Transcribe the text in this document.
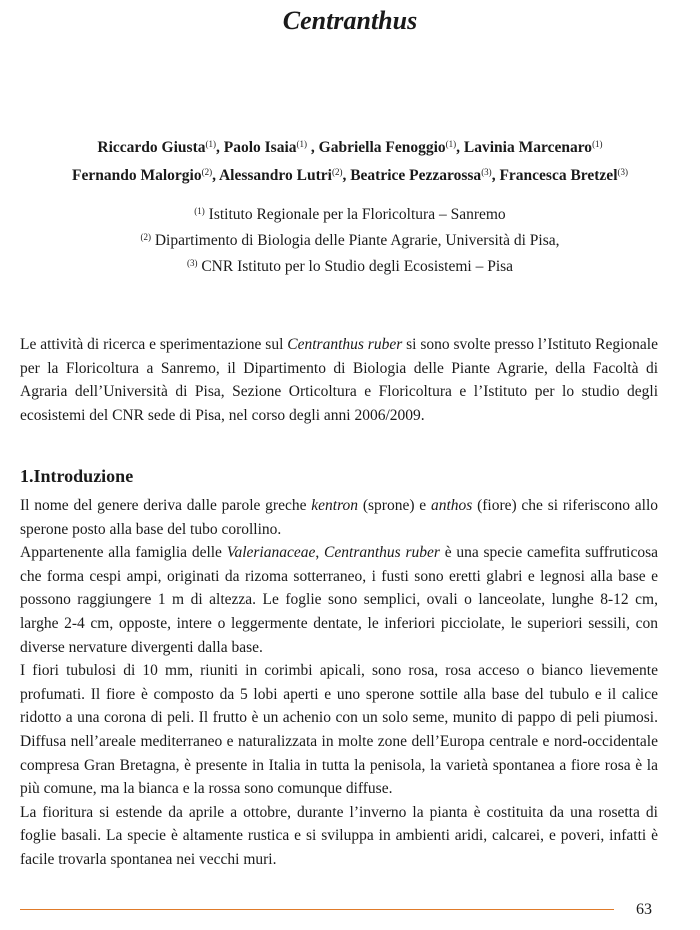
Centranthus
Riccardo Giusta$^{(1)}$, Paolo Isaia$^{(1)}$ , Gabriella Fenoggio$^{(1)}$, Lavinia Marcenaro$^{(1)}$
Fernando Malorgio$^{(2)}$, Alessandro Lutri$^{(2)}$, Beatrice Pezzarossa$^{(3)}$, Francesca Bretzel$^{(3)}$
$^{(1)}$ Istituto Regionale per la Floricoltura – Sanremo
$^{(2)}$ Dipartimento di Biologia delle Piante Agrarie, Università di Pisa,
$^{(3)}$ CNR Istituto per lo Studio degli Ecosistemi – Pisa
Le attività di ricerca e sperimentazione sul Centranthus ruber si sono svolte presso l’Istituto Regionale per la Floricoltura a Sanremo, il Dipartimento di Biologia delle Piante Agrarie, della Facoltà di Agraria dell’Università di Pisa, Sezione Orticoltura e Floricoltura e l’Istituto per lo studio degli ecosistemi del CNR sede di Pisa, nel corso degli anni 2006/2009.
1.Introduzione

Il nome del genere deriva dalle parole greche kentron (sprone) e anthos (fiore) che si riferiscono allo sperone posto alla base del tubo corollino.

Appartenente alla famiglia delle Valerianaceae, Centranthus ruber è una specie camefita suffruticosa che forma cespi ampi, originati da rizoma sotterraneo, i fusti sono eretti glabri e legnosi alla base e possono raggiungere 1 m di altezza. Le foglie sono semplici, ovali o lanceolate, lunghe 8-12 cm, larghe 2-4 cm, opposte, intere o leggermente dentate, le inferiori picciolate, le superiori sessili, con diverse nervature divergenti dalla base.

I fiori tubulosi di 10 mm, riuniti in corimbi apicali, sono rosa, rosa acceso o bianco lievemente profumati. Il fiore è composto da 5 lobi aperti e uno sperone sottile alla base del tubulo e il calice ridotto a una corona di peli. Il frutto è un achenio con un solo seme, munito di pappo di peli piumosi. Diffusa nell’areale mediterraneo e naturalizzata in molte zone dell’Europa centrale e nord-occidentale compresa Gran Bretagna, è presente in Italia in tutta la penisola, la varietà spontanea a fiore rosa è la più comune, ma la bianca e la rossa sono comunque diffuse.

La fioritura si estende da aprile a ottobre, durante l’inverno la pianta è costituita da una rosetta di foglie basali. La specie è altamente rustica e si sviluppa in ambienti aridi, calcarei, e poveri, infatti è facile trovarla spontanea nei vecchi muri.

63
